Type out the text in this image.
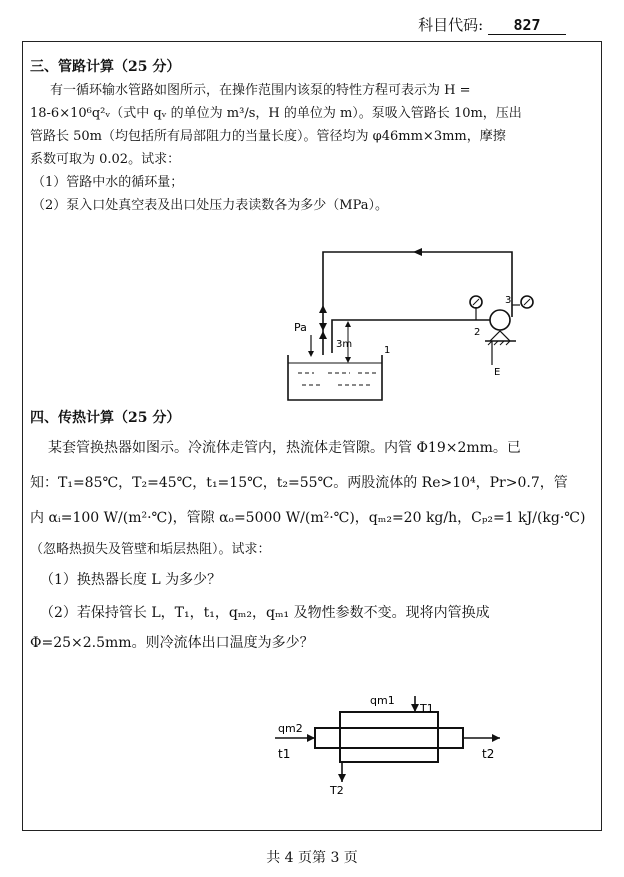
科目代码: 827
三、管路计算（25 分）
有一循环输水管路如图所示，在操作范围内该泵的特性方程可表示为 H =
18-6×10⁶q²ᵥ（式中 qᵥ 的单位为 m³/s，H 的单位为 m）。泵吸入管路长 10m，压出
管路长 50m（均包括所有局部阻力的当量长度）。管径均为 φ46mm×3mm，摩擦
系数可取为 0.02。试求：
（1）管路中水的循环量；
（2）泵入口处真空表及出口处压力表读数各为多少（MPa）。
Pa
3m
1
2
3
E
四、传热计算（25 分）
某套管换热器如图示。冷流体走管内，热流体走管隙。内管 Φ19×2mm。已
知：T₁=85℃，T₂=45℃，t₁=15℃，t₂=55℃。两股流体的 Re>10⁴，Pr>0.7，管
内 αᵢ=100 W/(m²·℃)，管隙 αₒ=5000 W/(m²·℃)，qₘ₂=20 kg/h，Cₚ₂=1 kJ/(kg·℃)
（忽略热损失及管壁和垢层热阻）。试求：
（1）换热器长度 L 为多少？
（2）若保持管长 L，T₁，t₁，qₘ₂，qₘ₁ 及物性参数不变。现将内管换成
Φ=25×2.5mm。则冷流体出口温度为多少？
qm1
T1
qm2
t1	t2
T2
共 4 页第 3 页
